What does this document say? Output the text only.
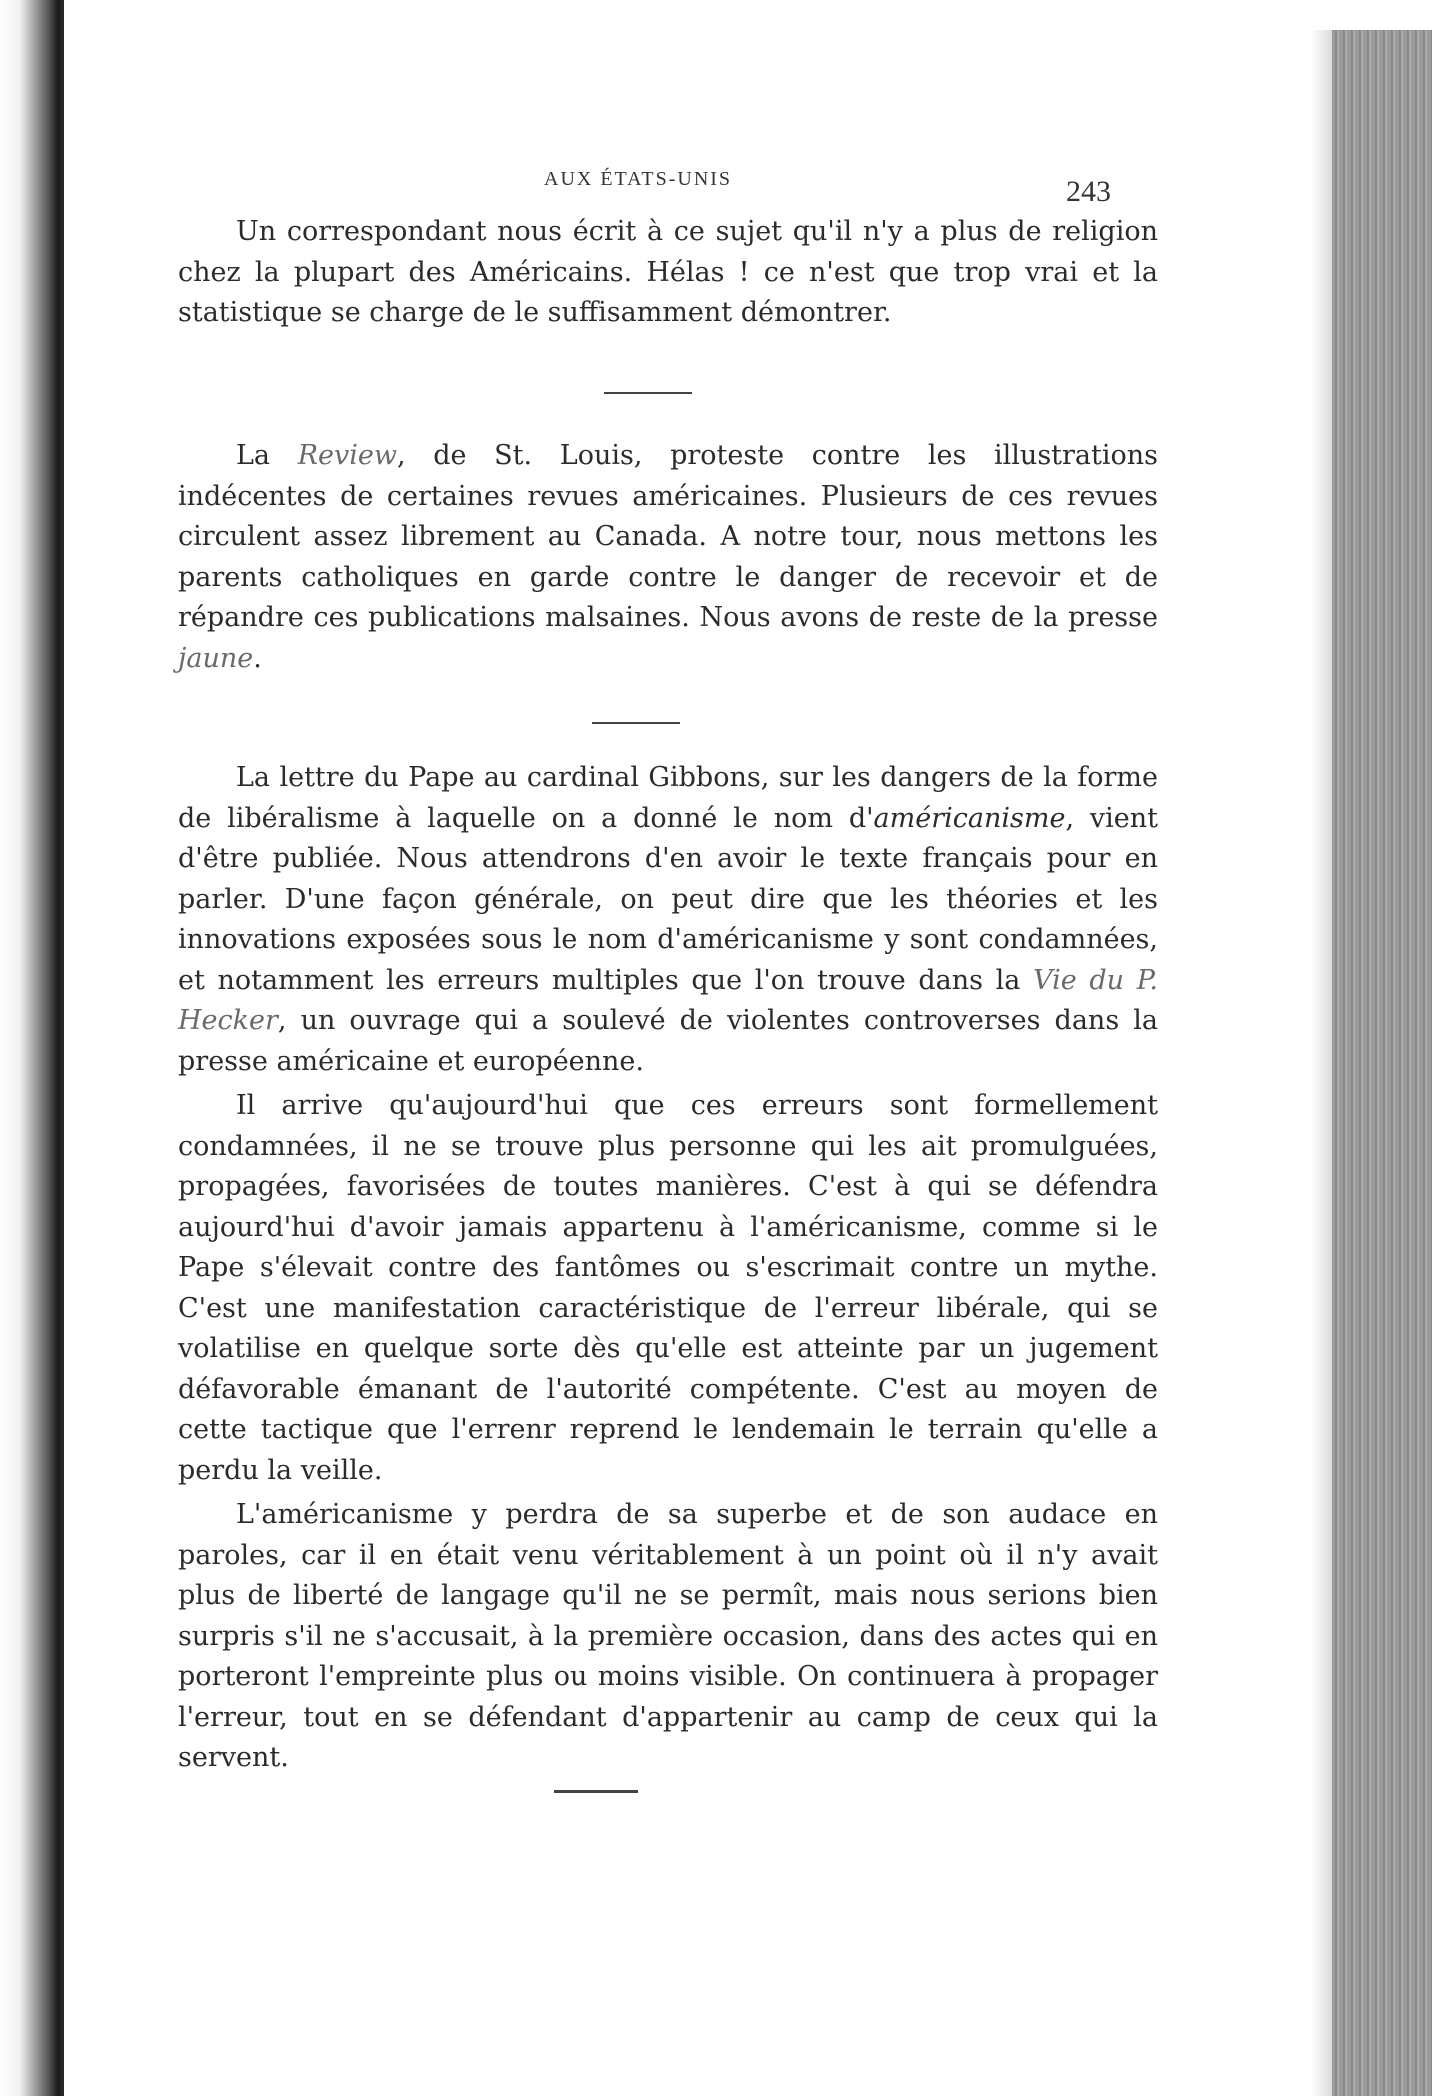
AUX ÉTATS-UNIS	243

Un correspondant nous écrit à ce sujet qu'il n'y a plus de religion chez la plupart des Américains. Hélas ! ce n'est que trop vrai et la statistique se charge de le suffisamment démontrer.

La Review, de St. Louis, proteste contre les illustrations indécentes de certaines revues américaines. Plusieurs de ces revues circulent assez librement au Canada. A notre tour, nous mettons les parents catholiques en garde contre le danger de recevoir et de répandre ces publications malsaines. Nous avons de reste de la presse jaune.

La lettre du Pape au cardinal Gibbons, sur les dangers de la forme de libéralisme à laquelle on a donné le nom d'américanisme, vient d'être publiée. Nous attendrons d'en avoir le texte français pour en parler. D'une façon générale, on peut dire que les théories et les innovations exposées sous le nom d'américanisme y sont condamnées, et notamment les erreurs multiples que l'on trouve dans la Vie du P. Hecker, un ouvrage qui a soulevé de violentes controverses dans la presse américaine et européenne.

Il arrive qu'aujourd'hui que ces erreurs sont formellement condamnées, il ne se trouve plus personne qui les ait promulguées, propagées, favorisées de toutes manières. C'est à qui se défendra aujourd'hui d'avoir jamais appartenu à l'américanisme, comme si le Pape s'élevait contre des fantômes ou s'escrimait contre un mythe. C'est une manifestation caractéristique de l'erreur libérale, qui se volatilise en quelque sorte dès qu'elle est atteinte par un jugement défavorable émanant de l'autorité compétente. C'est au moyen de cette tactique que l'errenr reprend le lendemain le terrain qu'elle a perdu la veille.

L'américanisme y perdra de sa superbe et de son audace en paroles, car il en était venu véritablement à un point où il n'y avait plus de liberté de langage qu'il ne se permît, mais nous serions bien surpris s'il ne s'accusait, à la première occasion, dans des actes qui en porteront l'empreinte plus ou moins visible. On continuera à propager l'erreur, tout en se défendant d'appartenir au camp de ceux qui la servent.
